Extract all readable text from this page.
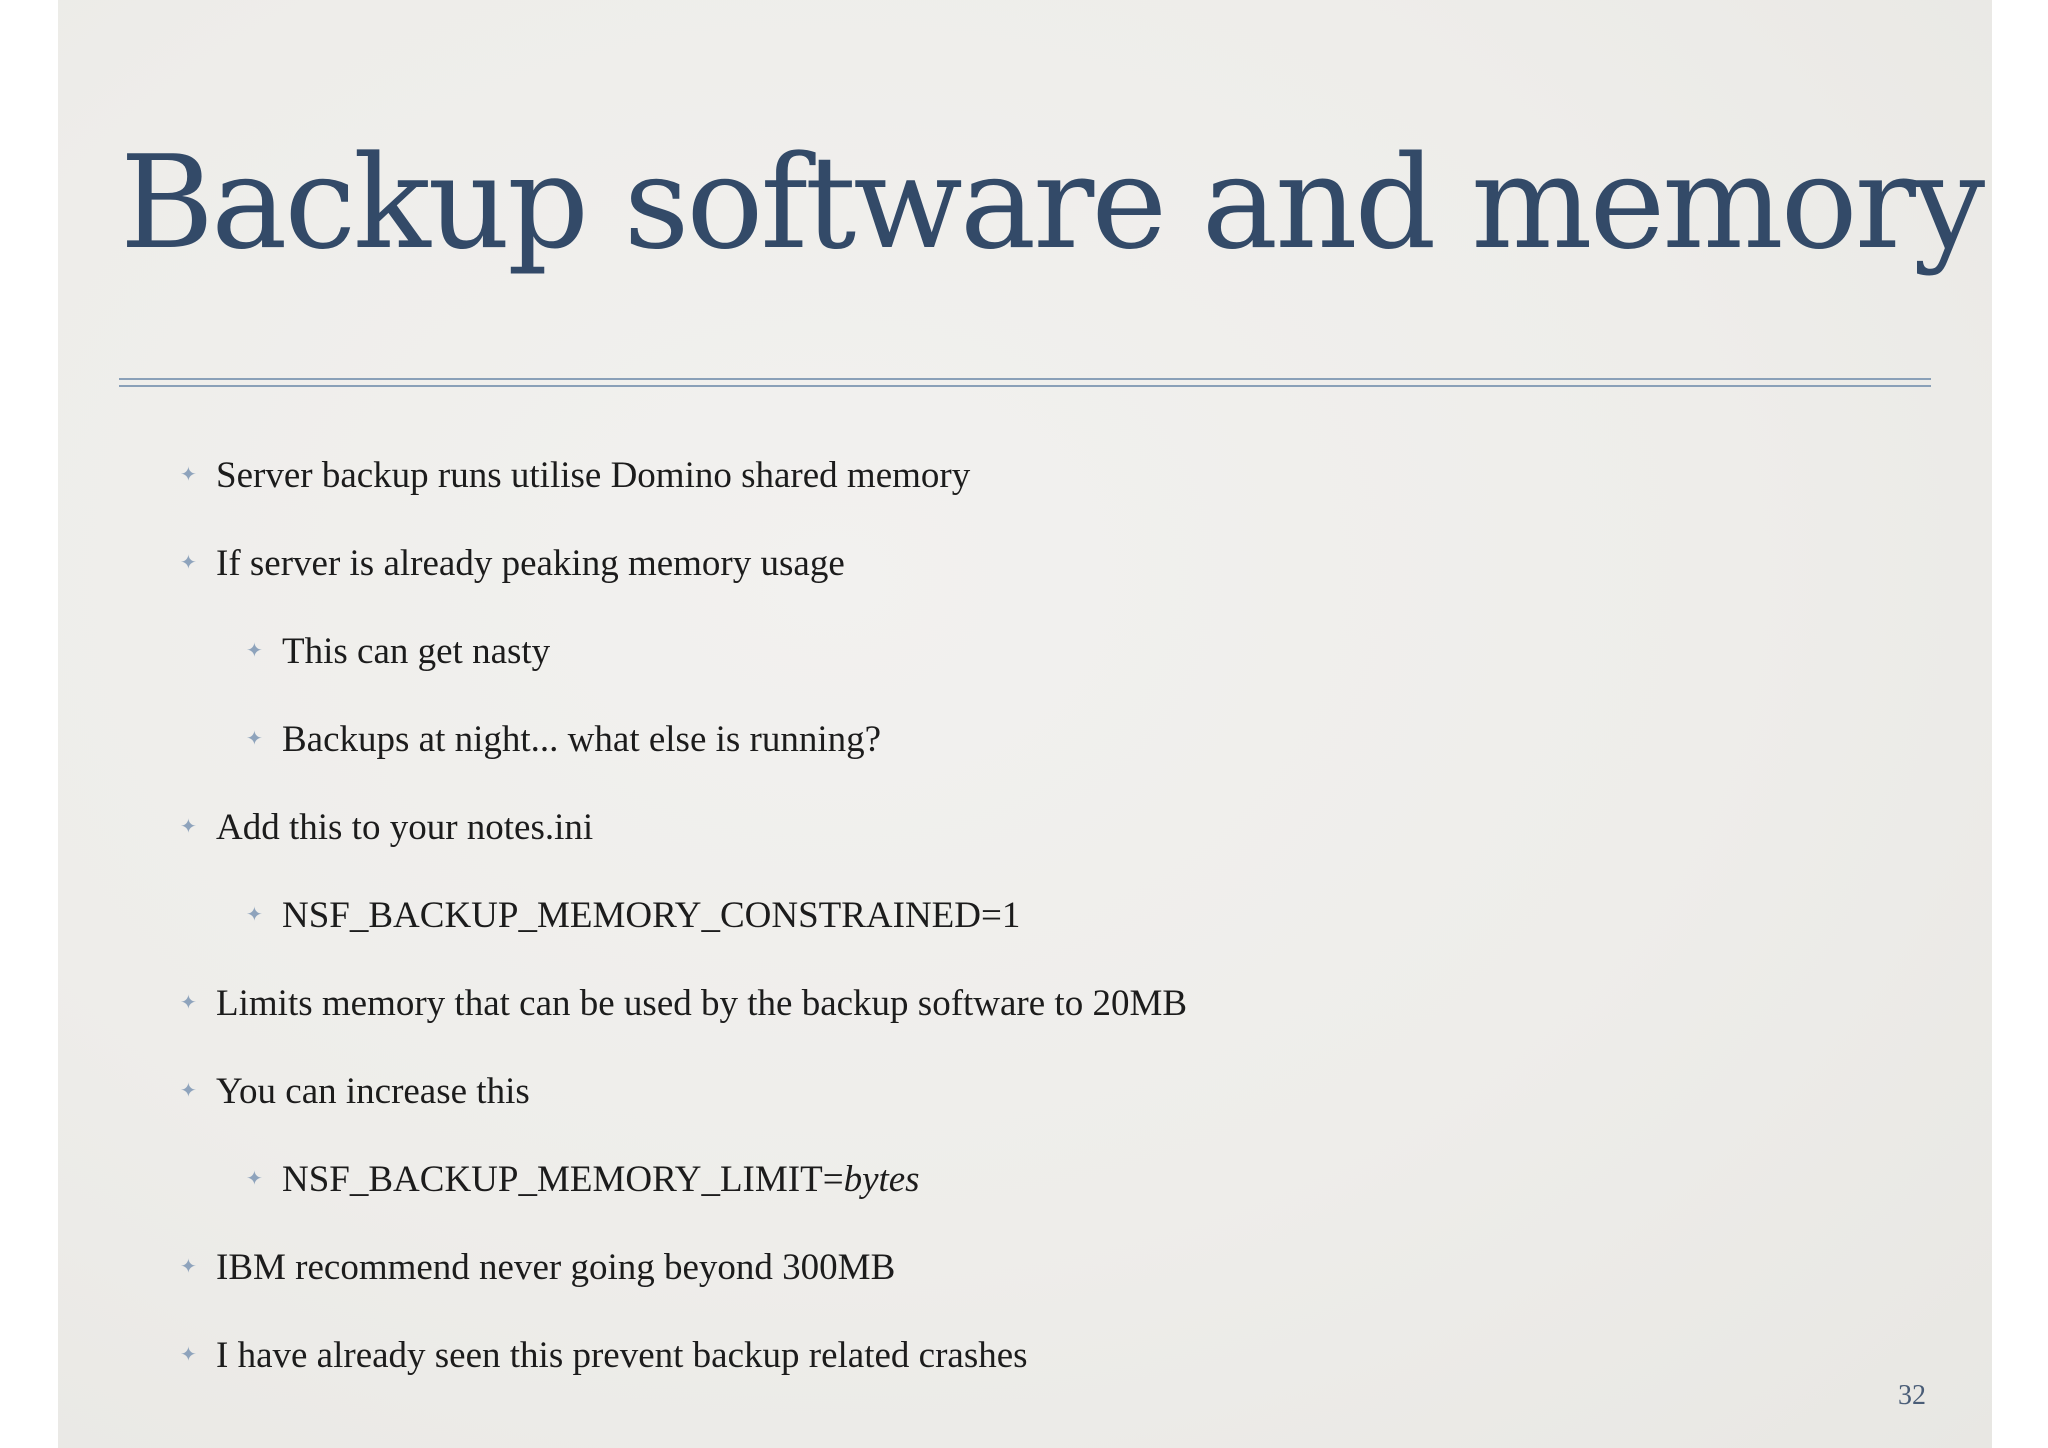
Backup software and memory
✦ Server backup runs utilise Domino shared memory
✦ If server is already peaking memory usage
✦ This can get nasty
✦ Backups at night... what else is running?
✦ Add this to your notes.ini
✦ NSF_BACKUP_MEMORY_CONSTRAINED=1
✦ Limits memory that can be used by the backup software to 20MB
✦ You can increase this
✦ NSF_BACKUP_MEMORY_LIMIT=bytes
✦ IBM recommend never going beyond 300MB
✦ I have already seen this prevent backup related crashes
32
